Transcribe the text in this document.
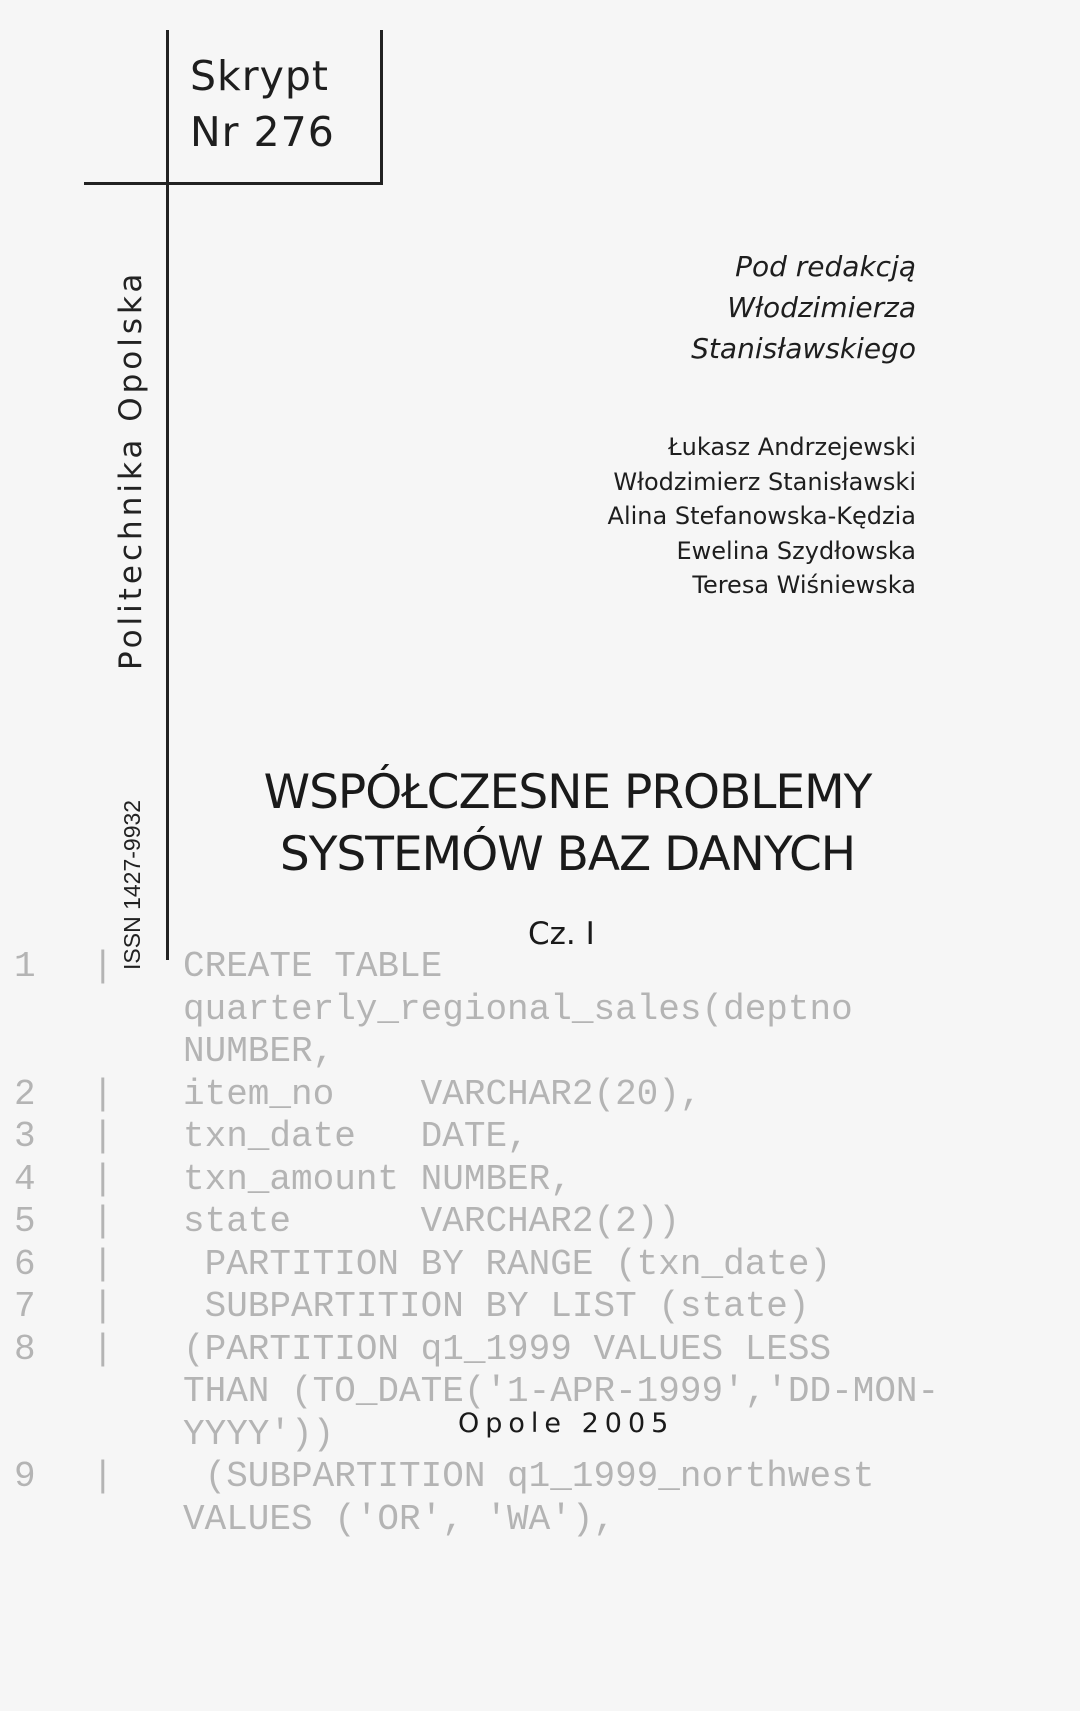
Skrypt
Nr 276
Politechnika Opolska
ISSN 1427-9932
Pod redakcją
Włodzimierza
Stanisławskiego
Łukasz Andrzejewski
Włodzimierz Stanisławski
Alina Stefanowska-Kędzia
Ewelina Szydłowska
Teresa Wiśniewska
WSPÓŁCZESNE PROBLEMY
SYSTEMÓW BAZ DANYCH
Cz. I

1

|

CREATE TABLE

quarterly_regional_sales(deptno

NUMBER,

2

|

item_no    VARCHAR2(20),

3

|

txn_date   DATE,

4

|

txn_amount NUMBER,

5

|

state      VARCHAR2(2))

6

|

PARTITION BY RANGE (txn_date)

7

|

SUBPARTITION BY LIST (state)

8

|

(PARTITION q1_1999 VALUES LESS

THAN (TO_DATE('1-APR-1999','DD-MON-

YYYY'))

9

|

(SUBPARTITION q1_1999_northwest

VALUES ('OR', 'WA'),

Opole 2005
